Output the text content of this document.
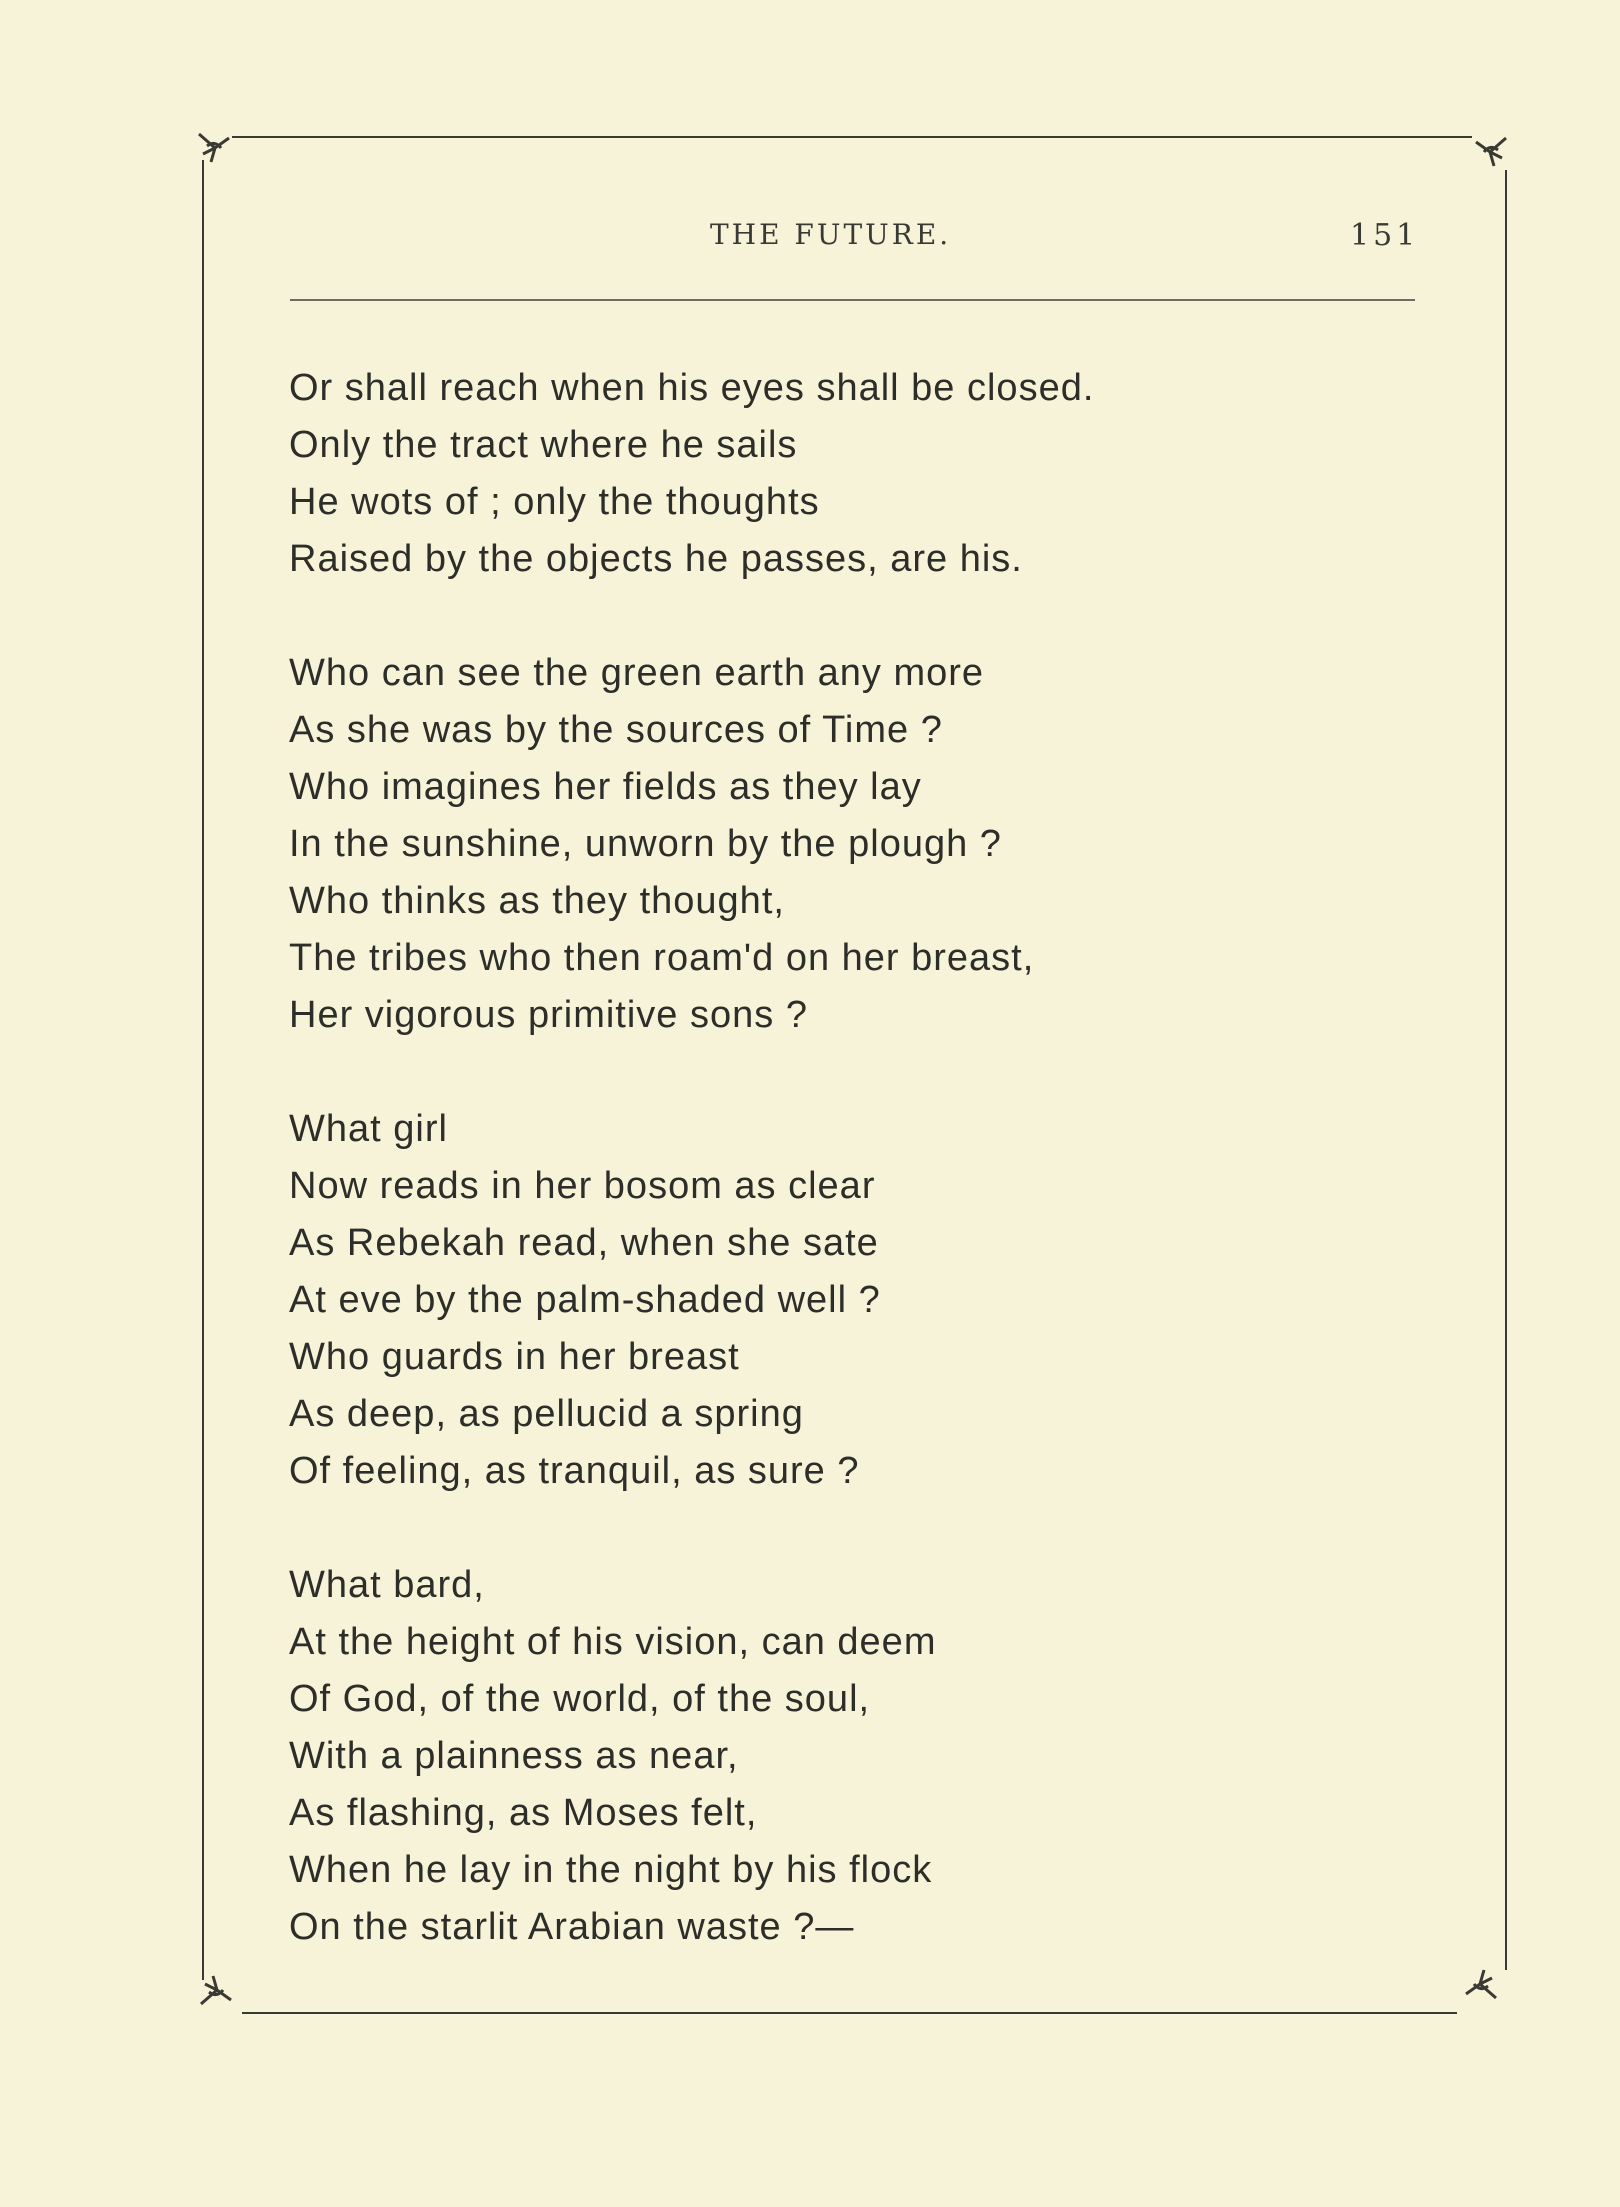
THE FUTURE.	151
Or shall reach when his eyes shall be closed.
Only the tract where he sails
He wots of ; only the thoughts
Raised by the objects he passes, are his.
Who can see the green earth any more
As she was by the sources of Time ?
Who imagines her fields as they lay
In the sunshine, unworn by the plough ?
Who thinks as they thought,
The tribes who then roam'd on her breast,
Her vigorous primitive sons ?
What girl
Now reads in her bosom as clear
As Rebekah read, when she sate
At eve by the palm-shaded well ?
Who guards in her breast
As deep, as pellucid a spring
Of feeling, as tranquil, as sure ?
What bard,
At the height of his vision, can deem
Of God, of the world, of the soul,
With a plainness as near,
As flashing, as Moses felt,
When he lay in the night by his flock
On the starlit Arabian waste ?—
